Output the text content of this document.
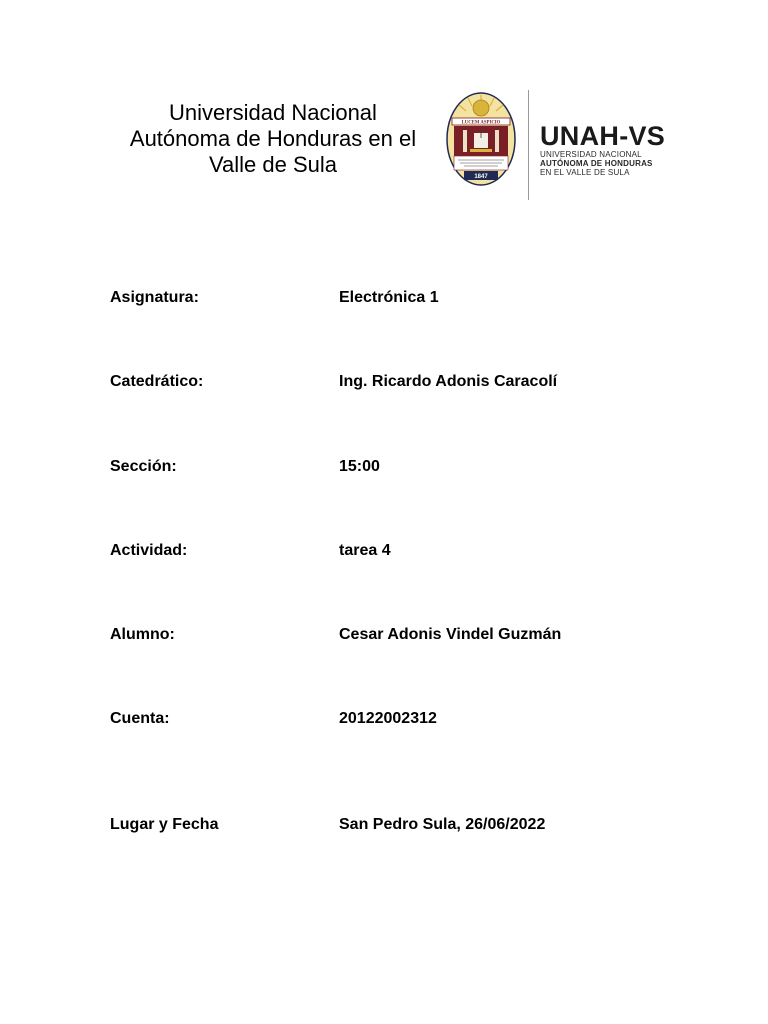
Universidad Nacional
Autónoma de Honduras en el
Valle de Sula
LUCEM ASPICIO
1847
UNAH-VS
UNIVERSIDAD NACIONAL
AUTÓNOMA DE HONDURAS
EN EL VALLE DE SULA
Asignatura:	Electrónica 1
Catedrático:	Ing. Ricardo Adonis Caracolí
Sección:	15:00
Actividad:	tarea 4
Alumno:	Cesar Adonis Vindel Guzmán
Cuenta:	20122002312
Lugar y Fecha	San Pedro Sula, 26/06/2022
